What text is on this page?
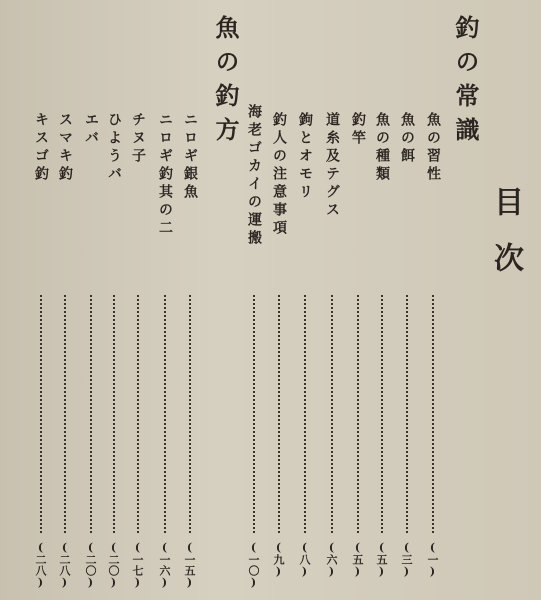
目次
釣の常識
魚の習性
(一)
魚の餌
(三)
魚の種類
(五)
釣竿
(五)
道糸及テグス
(六)
鉤とオモリ
(八)
釣人の注意事項
(九)
海老ゴカイの運搬
(一〇)
魚の釣方
ニロギ銀魚
(一五)
ニロギ釣其の二
(一六)
チヌ子
(一七)
ひようバ
(二〇)
エバ
(二〇)
スマキ釣
(二八)
キスゴ釣
(二八)
